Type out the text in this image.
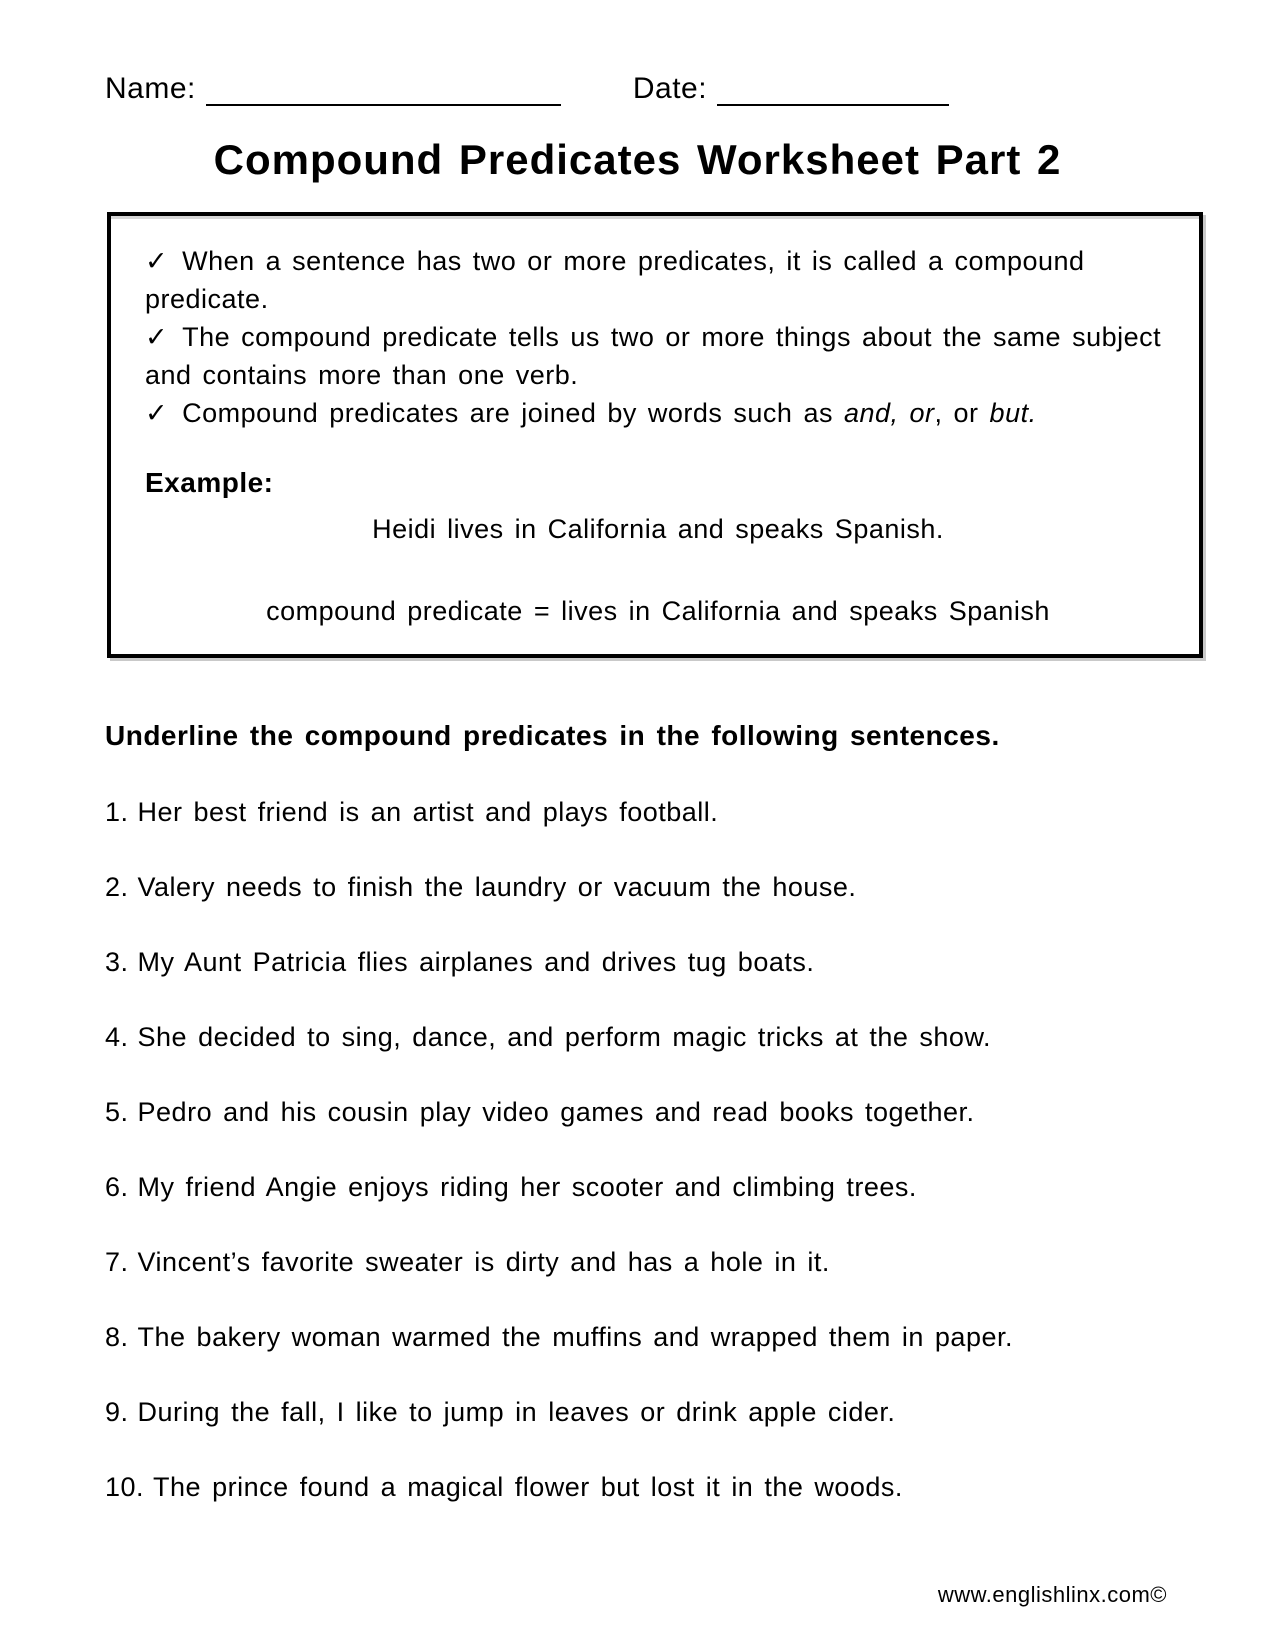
Name:	Date:
Compound Predicates Worksheet Part 2

✓ When a sentence has two or more predicates, it is called a compound predicate.

✓ The compound predicate tells us two or more things about the same subject and contains more than one verb.

✓ Compound predicates are joined by words such as and, or, or but.

Example:
Heidi lives in California and speaks Spanish.
compound predicate = lives in California and speaks Spanish
Underline the compound predicates in the following sentences.
1. Her best friend is an artist and plays football.
2. Valery needs to finish the laundry or vacuum the house.
3. My Aunt Patricia flies airplanes and drives tug boats.
4. She decided to sing, dance, and perform magic tricks at the show.
5. Pedro and his cousin play video games and read books together.
6. My friend Angie enjoys riding her scooter and climbing trees.
7. Vincent’s favorite sweater is dirty and has a hole in it.
8. The bakery woman warmed the muffins and wrapped them in paper.
9. During the fall, I like to jump in leaves or drink apple cider.
10. The prince found a magical flower but lost it in the woods.
www.englishlinx.com©
